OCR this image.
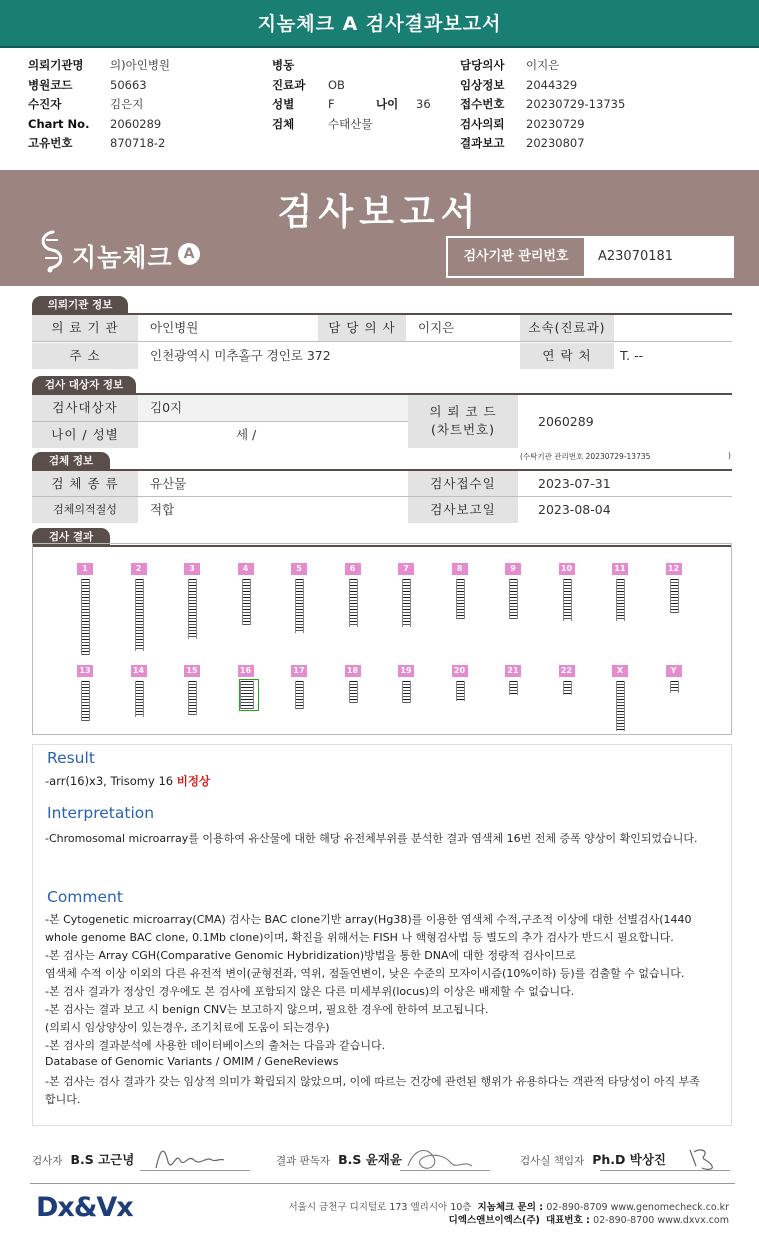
지놈체크 A 검사결과보고서
의뢰기관명 의)아인병원
병원코드	50663
수진자	김은지
Chart No. 2060289
고유번호	870718-2
병동
진료과 OB
성별	F	나이 36
검체	수태산물
담당의사 이지은
임상정보 2044329
접수번호 20230729-13735
검사의뢰 20230729
결과보고 20230807
검사보고서
지놈체크 A	검사기관 관리번호	A23070181
의뢰기관 정보
의 료 기 관	아인병원	담 당 의 사	이지은	소속(진료과)
주 소	인천광역시 미추홀구 경인로 372	연 락 처	T. --
검사 대상자 정보
검사대상자	김0지
나이 / 성별	세 /
의 뢰 코 드
(차트번호)
2060289
검체 정보	(수탁기관 관리번호 20230729-13735	)
검 체 종 류	유산물	검사접수일	2023-07-31
검체의적절성	적합	검사보고일	2023-08-04
검사 결과
1	2	3	4	5	6	7	8	9	10	11	12
13	14	15	16	17	18	19	20	21	22	X	Y
Result
-arr(16)x3, Trisomy 16 비정상
Interpretation
-Chromosomal microarray를 이용하여 유산물에 대한 해당 유전체부위를 분석한 결과 염색체 16번 전체 증폭 양상이 확인되었습니다.
Comment
-본 Cytogenetic microarray(CMA) 검사는 BAC clone기반 array(Hg38)를 이용한 염색체 수적,구조적 이상에 대한 선별검사(1440
whole genome BAC clone, 0.1Mb clone)이며, 확진을 위해서는 FISH 나 핵형검사법 등 별도의 추가 검사가 반드시 필요합니다.
-본 검사는 Array CGH(Comparative Genomic Hybridization)방법을 통한 DNA에 대한 정량적 검사이므로
염색체 수적 이상 이외의 다른 유전적 변이(균형전좌, 역위, 점돌연변이, 낮은 수준의 모자이시즘(10%이하) 등)를 검출할 수 없습니다.
-본 검사 결과가 정상인 경우에도 본 검사에 포함되지 않은 다른 미세부위(locus)의 이상은 배제할 수 없습니다.
-본 검사는 결과 보고 시 benign CNV는 보고하지 않으며, 필요한 경우에 한하여 보고됩니다.
(의뢰시 임상양상이 있는경우, 조기치료에 도움이 되는경우)
-본 검사의 결과분석에 사용한 데이터베이스의 출처는 다음과 같습니다.
Database of Genomic Variants / OMIM / GeneReviews
-본 검사는 검사 결과가 갖는 임상적 의미가 확립되지 않았으며, 이에 따르는 건강에 관련된 행위가 유용하다는 객관적 타당성이 아직 부족
합니다.
검사자 B.S 고근녕	결과 판독자 B.S 윤재윤	검사실 책임자 Ph.D 박상진
Dx&Vx	서울시 금천구 디지털로 173 엘리시아 10층 지놈체크 문의 : 02-890-8709 www.genomecheck.co.kr
디엑스앤브이엑스(주) 대표번호 : 02-890-8700 www.dxvx.com
